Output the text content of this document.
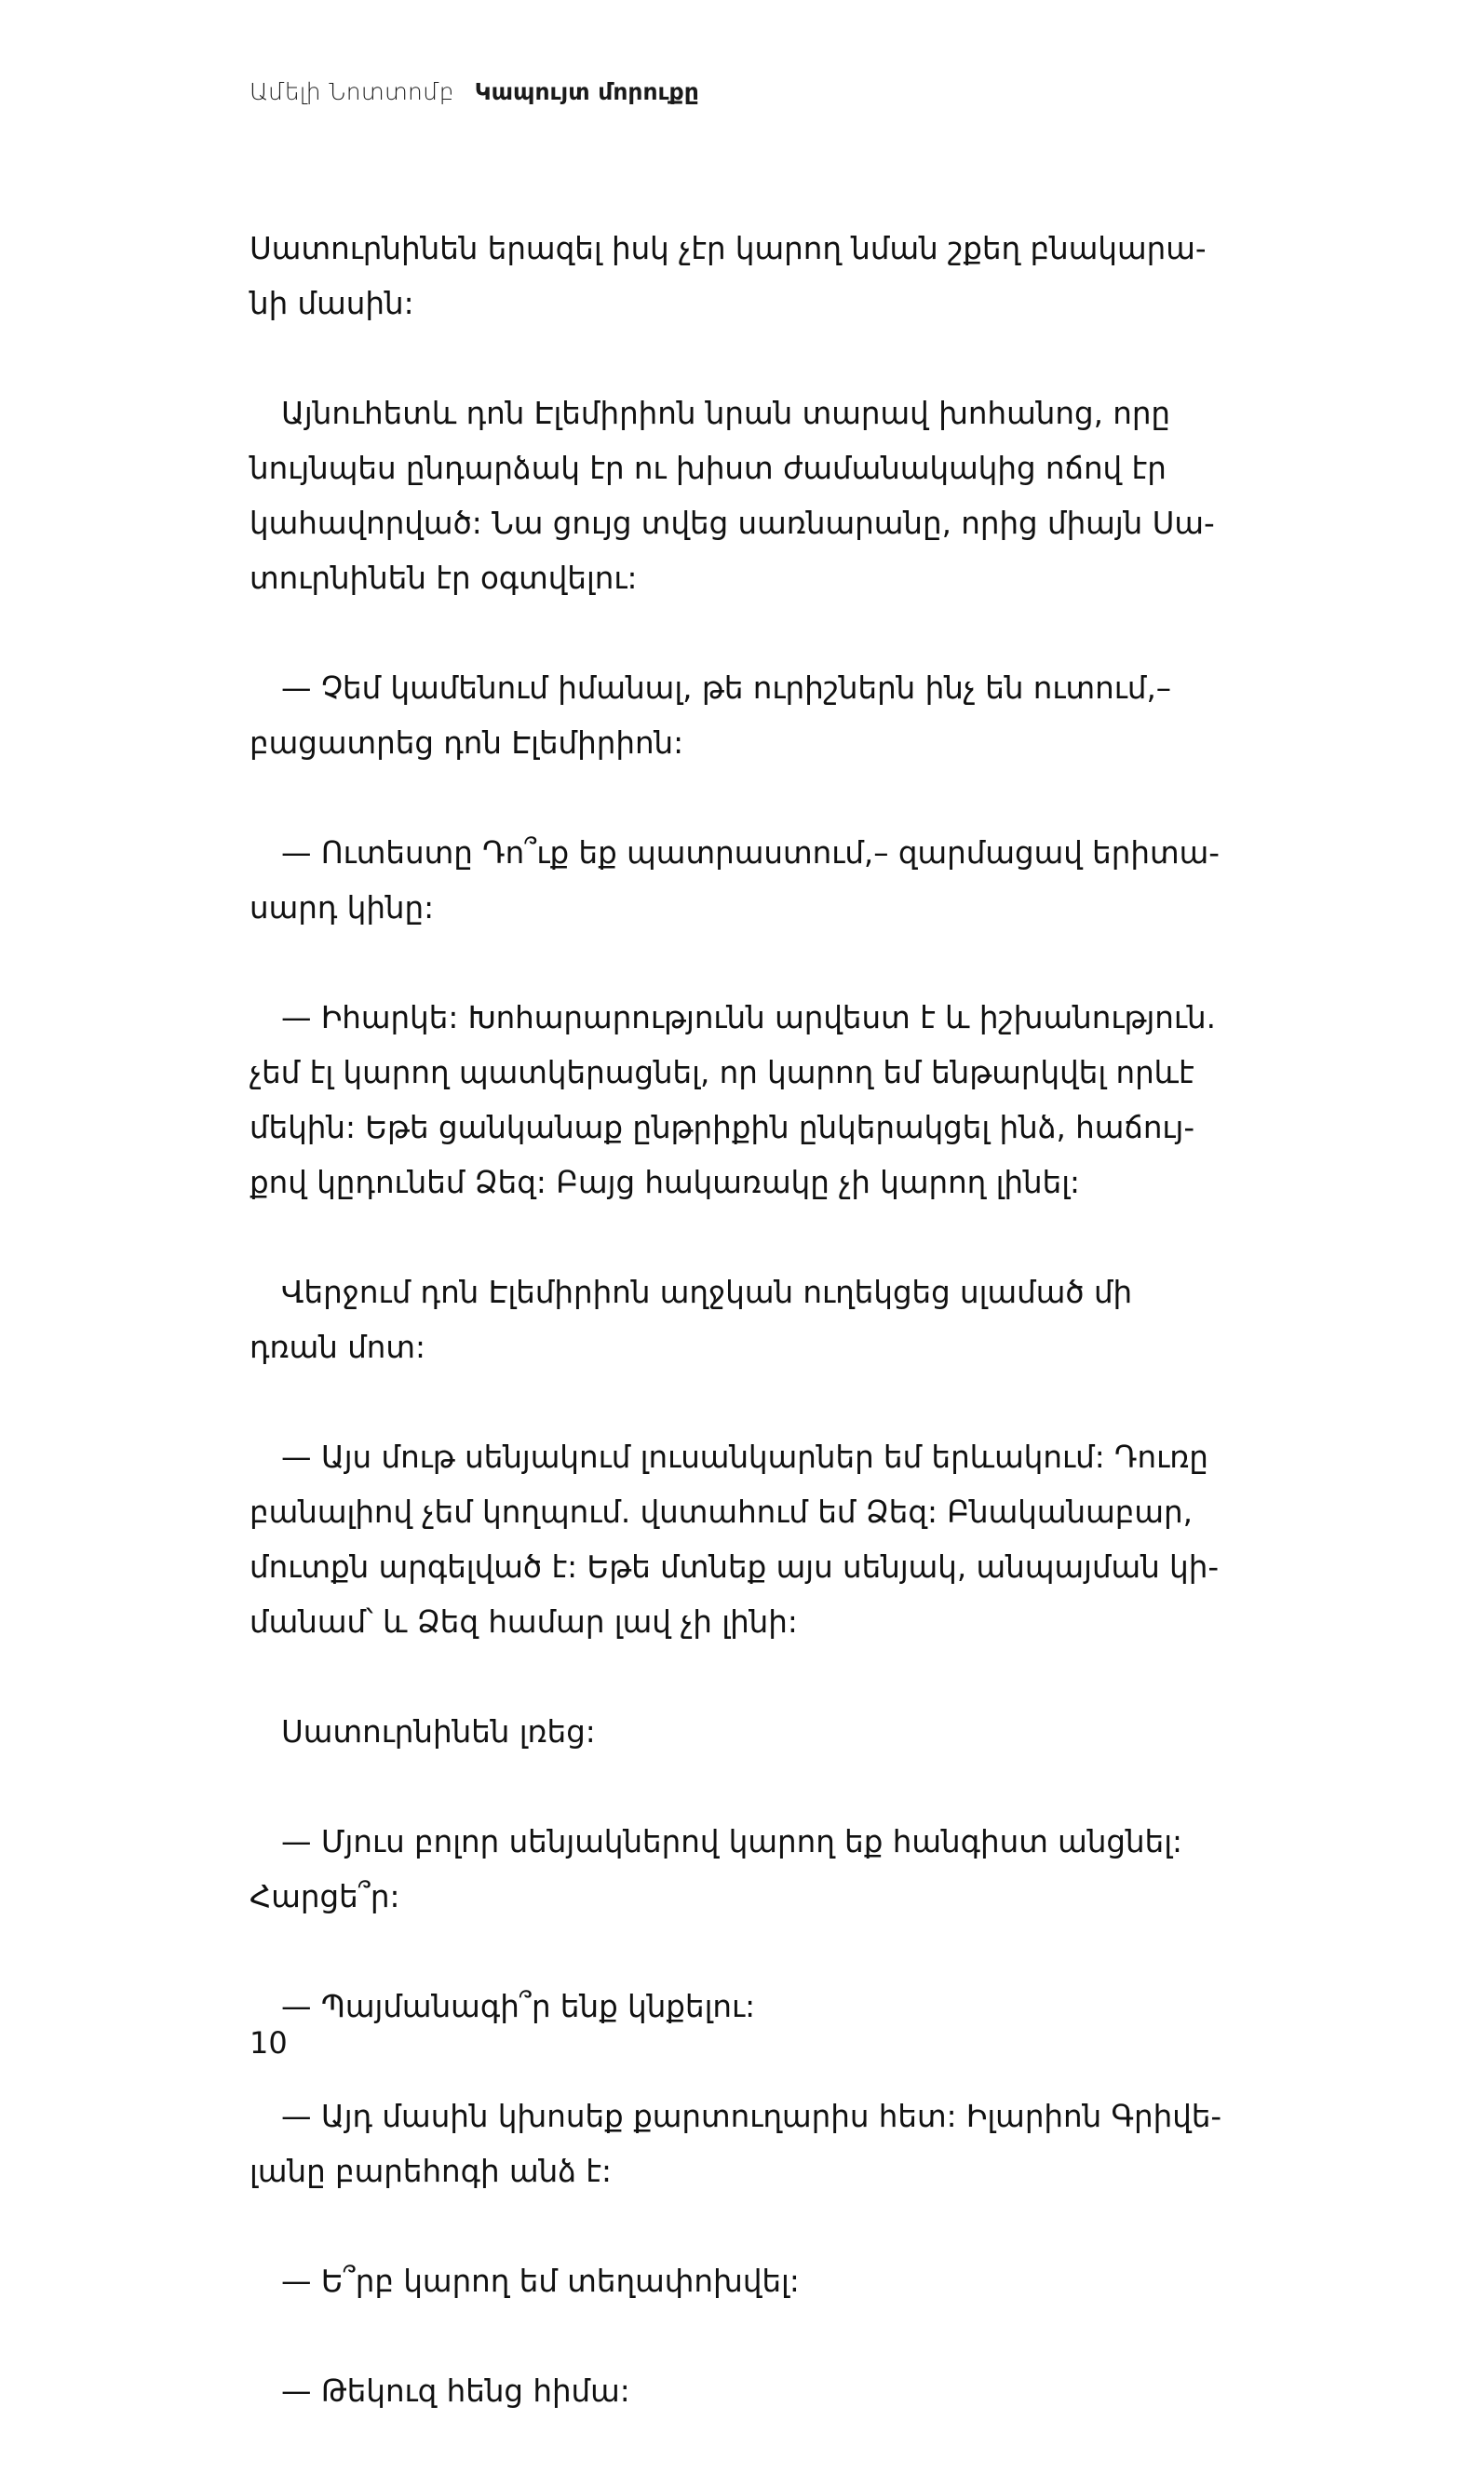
Ամելի Նոտտոմբ Կապույտ մորուքը
Սատուրնինեն երազել իսկ չէր կարող նման շքեղ բնակարա-
նի մասին:
Այնուհետև դոն Էլեմիրիոն նրան տարավ խոհանոց, որը
նույնպես ընդարձակ էր ու խիստ ժամանակակից ոճով էր
կահավորված: Նա ցույց տվեց սառնարանը, որից միայն Սա-
տուրնինեն էր օգտվելու:
— Չեմ կամենում իմանալ, թե ուրիշներն ինչ են ուտում,–
բացատրեց դոն Էլեմիրիոն:
— Ուտեստը Դո՞ւք եք պատրաստում,– զարմացավ երիտա-
սարդ կինը:
— Իհարկե: Խոհարարությունն արվեստ է և իշխանություն.
չեմ էլ կարող պատկերացնել, որ կարող եմ ենթարկվել որևէ
մեկին: Եթե ցանկանաք ընթրիքին ընկերակցել ինձ, հաճույ-
քով կըդունեմ Ձեզ: Բայց հակառակը չի կարող լինել:
Վերջում դոն Էլեմիրիոն աղջկան ուղեկցեց սլամած մի
դռան մոտ:
— Այս մութ սենյակում լուսանկարներ եմ երևակում: Դուռը
բանալիով չեմ կողպում. վստահում եմ Ձեզ: Բնականաբար,
մուտքն արգելված է: Եթե մտնեք այս սենյակ, անպայման կի-
մանամ՝ և Ձեզ համար լավ չի լինի:
Սատուրնինեն լռեց:
— Մյուս բոլոր սենյակներով կարող եք հանգիստ անցնել:
Հարցե՞ր:
— Պայմանագի՞ր ենք կնքելու:
— Այդ մասին կխոսեք քարտուղարիս հետ: Իլարիոն Գրիվե-
լանը բարեհոգի անձ է:
— Ե՞րբ կարող եմ տեղափոխվել:
— Թեկուզ հենց հիմա:
10
